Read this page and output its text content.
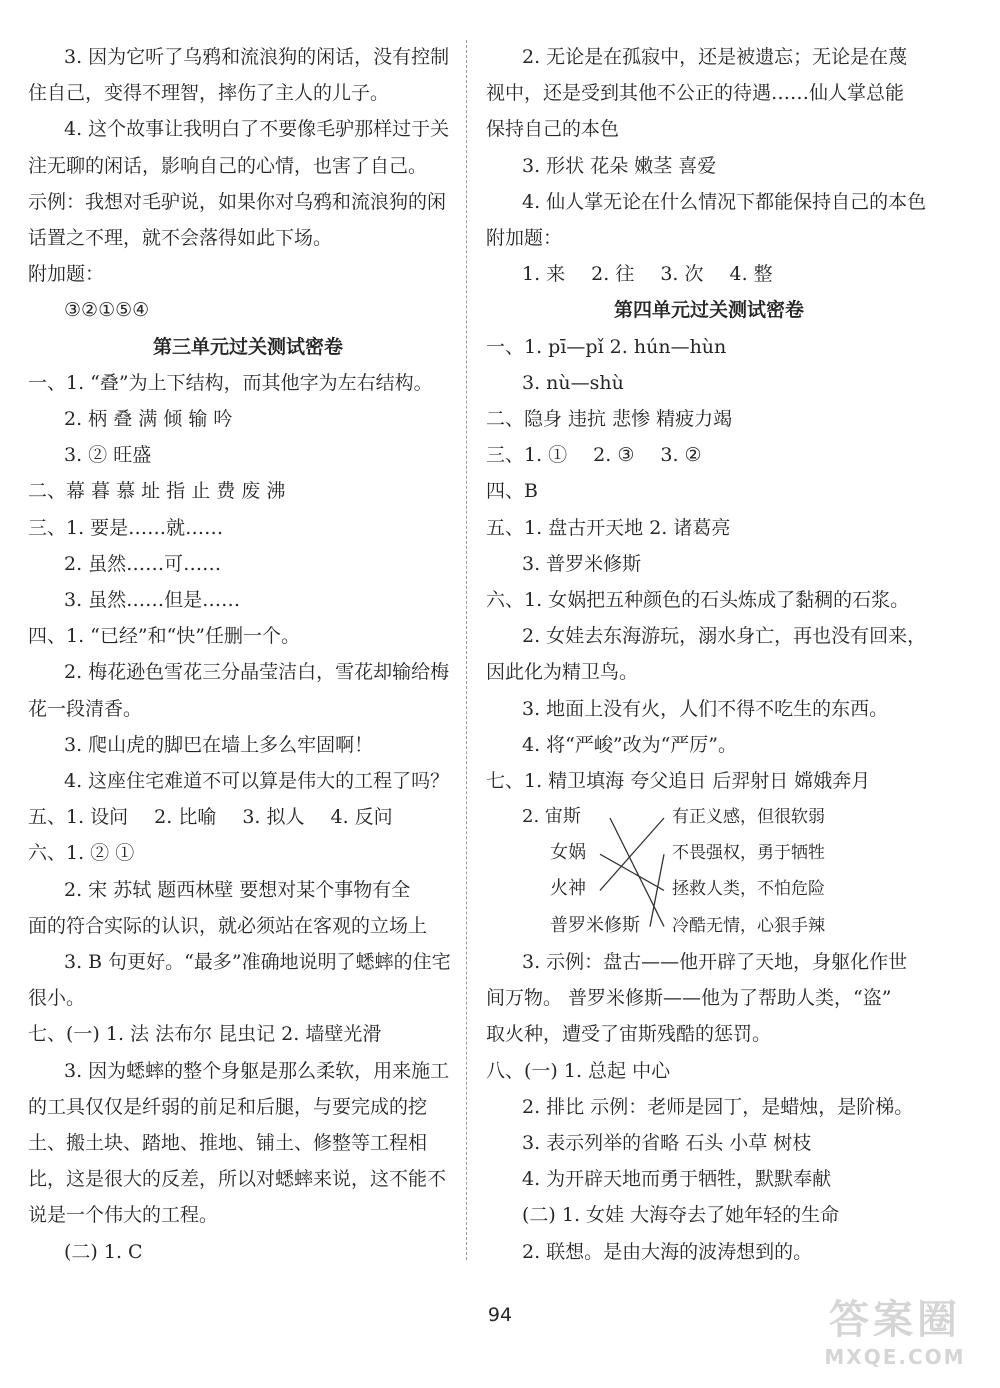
3. 因为它听了乌鸦和流浪狗的闲话，没有控制
住自己，变得不理智，摔伤了主人的儿子。
4. 这个故事让我明白了不要像毛驴那样过于关
注无聊的闲话，影响自己的心情，也害了自己。
示例：我想对毛驴说，如果你对乌鸦和流浪狗的闲
话置之不理，就不会落得如此下场。
附加题：
③②①⑤④
第三单元过关测试密卷
一、1. “叠”为上下结构，而其他字为左右结构。
2. 柄 叠 满 倾 输 吟
3. ② 旺盛
二、幕 暮 慕 址 指 止 费 废 沸
三、1. 要是……就……
2. 虽然……可……
3. 虽然……但是……
四、1. “已经”和“快”任删一个。
2. 梅花逊色雪花三分晶莹洁白，雪花却输给梅
花一段清香。
3. 爬山虎的脚巴在墙上多么牢固啊！
4. 这座住宅难道不可以算是伟大的工程了吗？
五、1. 设问 2. 比喻 3. 拟人 4. 反问
六、1. ② ①
2. 宋 苏轼 题西林壁 要想对某个事物有全
面的符合实际的认识，就必须站在客观的立场上
3. B 句更好。“最多”准确地说明了蟋蟀的住宅
很小。
七、(一) 1. 法 法布尔 昆虫记 2. 墙壁光滑
3. 因为蟋蟀的整个身躯是那么柔软，用来施工
的工具仅仅是纤弱的前足和后腿，与要完成的挖
土、搬土块、踏地、推地、铺土、修整等工程相
比，这是很大的反差，所以对蟋蟀来说，这不能不
说是一个伟大的工程。
(二) 1. C
2. 无论是在孤寂中，还是被遗忘；无论是在蔑
视中，还是受到其他不公正的待遇……仙人掌总能
保持自己的本色
3. 形状 花朵 嫩茎 喜爱
4. 仙人掌无论在什么情况下都能保持自己的本色
附加题：
1. 来 2. 往 3. 次 4. 整
第四单元过关测试密卷
一、1. pī—pǐ 2. hún—hùn
3. nù—shù
二、隐身 违抗 悲惨 精疲力竭
三、1. ① 2. ③ 3. ②
四、B
五、1. 盘古开天地 2. 诸葛亮
3. 普罗米修斯
六、1. 女娲把五种颜色的石头炼成了黏稠的石浆。
2. 女娃去东海游玩，溺水身亡，再也没有回来，
因此化为精卫鸟。
3. 地面上没有火，人们不得不吃生的东西。
4. 将“严峻”改为“严厉”。
七、1. 精卫填海 夸父追日 后羿射日 嫦娥奔月
3. 示例：盘古——他开辟了天地，身躯化作世
间万物。 普罗米修斯——他为了帮助人类，“盗”
取火种，遭受了宙斯残酷的惩罚。
八、(一) 1. 总起 中心
2. 排比 示例：老师是园丁，是蜡烛，是阶梯。
3. 表示列举的省略 石头 小草 树枝
4. 为开辟天地而勇于牺牲，默默奉献
(二) 1. 女娃 大海夺去了她年轻的生命
2. 联想。是由大海的波涛想到的。
2. 宙斯
女娲
火神
普罗米修斯
有正义感，但很软弱
不畏强权，勇于牺牲
拯救人类，不怕危险
冷酷无情，心狠手辣
94	答案圈
MXQE.COM
